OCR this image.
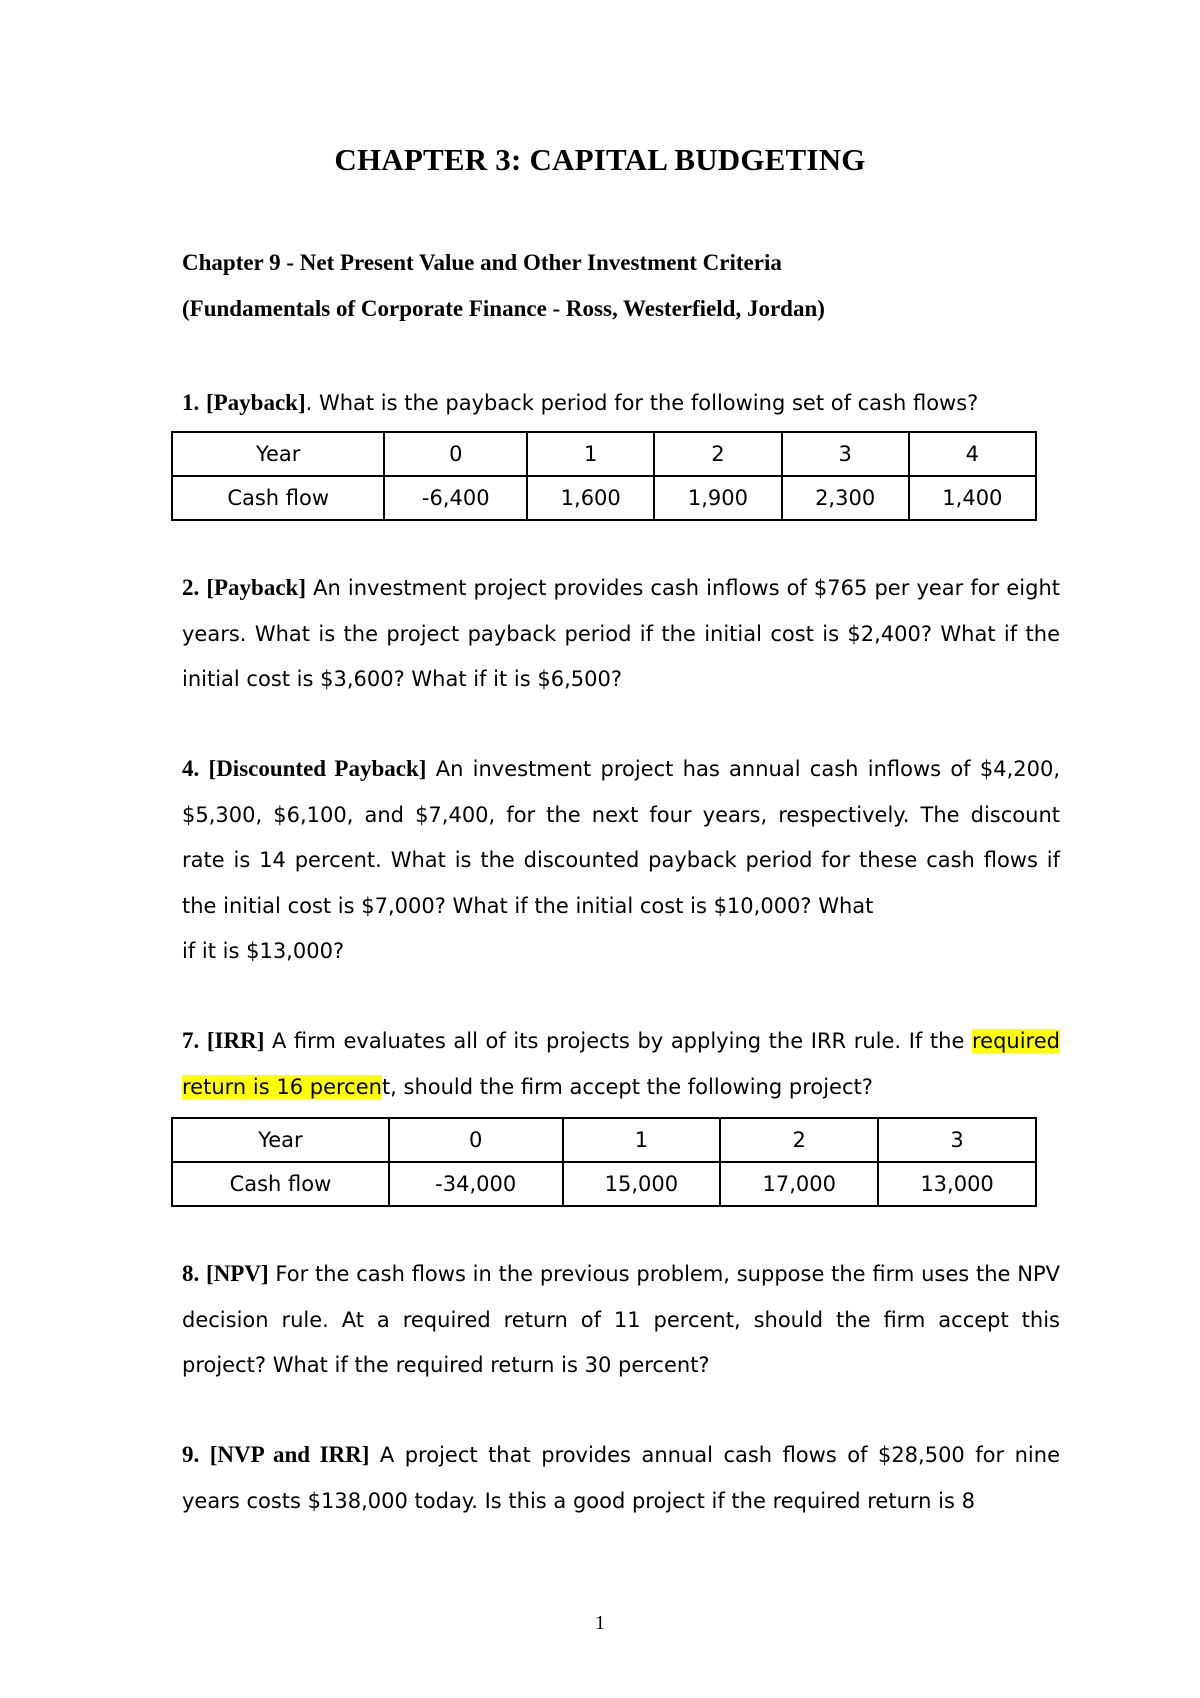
CHAPTER 3: CAPITAL BUDGETING
Chapter 9 - Net Present Value and Other Investment Criteria
(Fundamentals of Corporate Finance - Ross, Westerfield, Jordan)
1. [Payback]. What is the payback period for the following set of cash flows?
Year	0	1	2	3	4
Cash flow	-6,400	1,600	1,900	2,300	1,400
2. [Payback] An investment project provides cash inflows of $765 per year for eight years. What is the project payback period if the initial cost is $2,400? What if the initial cost is $3,600? What if it is $6,500?
4. [Discounted Payback] An investment project has annual cash inflows of $4,200, $5,300, $6,100, and $7,400, for the next four years, respectively. The discount rate is 14 percent. What is the discounted payback period for these cash flows if the initial cost is $7,000? What if the initial cost is $10,000? What
if it is $13,000?
7. [IRR] A firm evaluates all of its projects by applying the IRR rule. If the required return is 16 percent, should the firm accept the following project?
Year	0	1	2	3
Cash flow	-34,000	15,000	17,000	13,000
8. [NPV] For the cash flows in the previous problem, suppose the firm uses the NPV decision rule. At a required return of 11 percent, should the firm accept this project? What if the required return is 30 percent?
9. [NVP and IRR] A project that provides annual cash flows of $28,500 for nine years costs $138,000 today. Is this a good project if the required return is 8
1
